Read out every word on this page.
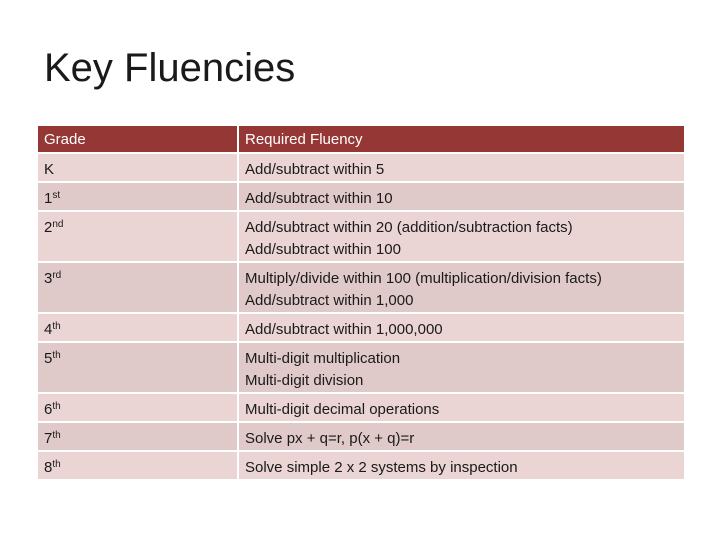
Key Fluencies
Grade	Required Fluency
K	Add/subtract within 5

1st	Add/subtract within 10

2nd	Add/subtract within 20 (addition/subtraction facts)
Add/subtract within 100

3rd	Multiply/divide within 100 (multiplication/division facts)
Add/subtract within 1,000

4th	Add/subtract within 1,000,000

5th	Multi-digit multiplication
Multi-digit division

6th	Multi-digit decimal operations

7th	Solve px + q=r, p(x + q)=r

8th	Solve simple 2 x 2 systems by inspection
